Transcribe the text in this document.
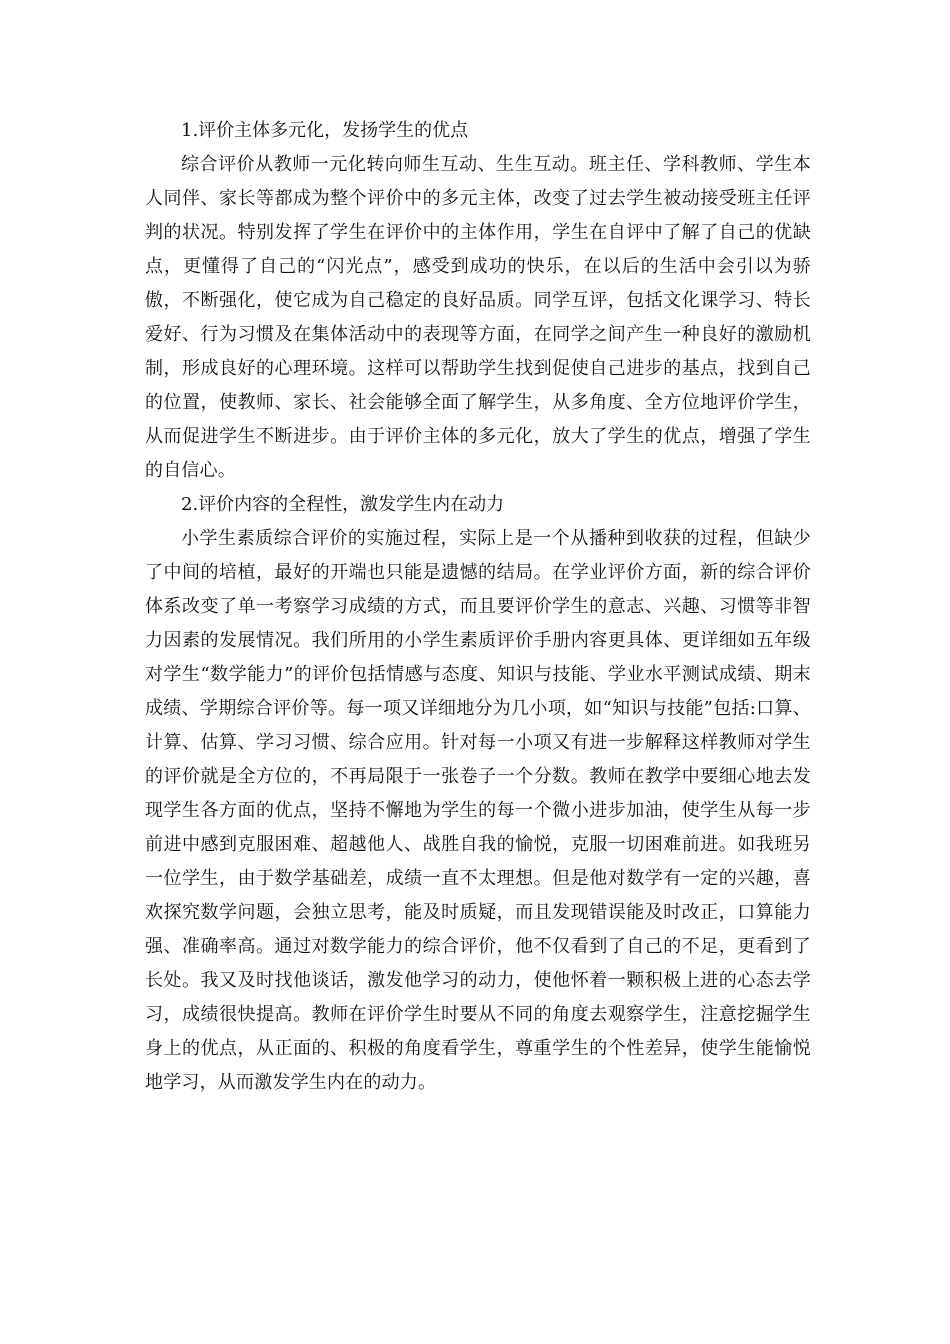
1.评价主体多元化，发扬学生的优点

综合评价从教师一元化转向师生互动、生生互动。班主任、学科教师、学生本人同伴、家长等都成为整个评价中的多元主体，改变了过去学生被动接受班主任评判的状况。特别发挥了学生在评价中的主体作用，学生在自评中了解了自己的优缺点，更懂得了自己的“闪光点”，感受到成功的快乐，在以后的生活中会引以为骄傲，不断强化，使它成为自己稳定的良好品质。同学互评，包括文化课学习、特长爱好、行为习惯及在集体活动中的表现等方面，在同学之间产生一种良好的激励机制，形成良好的心理环境。这样可以帮助学生找到促使自己进步的基点，找到自己的位置，使教师、家长、社会能够全面了解学生，从多角度、全方位地评价学生，从而促进学生不断进步。由于评价主体的多元化，放大了学生的优点，增强了学生的自信心。

2.评价内容的全程性，激发学生内在动力

小学生素质综合评价的实施过程，实际上是一个从播种到收获的过程，但缺少了中间的培植，最好的开端也只能是遗憾的结局。在学业评价方面，新的综合评价体系改变了单一考察学习成绩的方式，而且要评价学生的意志、兴趣、习惯等非智力因素的发展情况。我们所用的小学生素质评价手册内容更具体、更详细如五年级对学生“数学能力”的评价包括情感与态度、知识与技能、学业水平测试成绩、期末成绩、学期综合评价等。每一项又详细地分为几小项，如“知识与技能”包括:口算、计算、估算、学习习惯、综合应用。针对每一小项又有进一步解释这样教师对学生的评价就是全方位的，不再局限于一张卷子一个分数。教师在教学中要细心地去发现学生各方面的优点，坚持不懈地为学生的每一个微小进步加油，使学生从每一步前进中感到克服困难、超越他人、战胜自我的愉悦，克服一切困难前进。如我班另一位学生，由于数学基础差，成绩一直不太理想。但是他对数学有一定的兴趣，喜欢探究数学问题，会独立思考，能及时质疑，而且发现错误能及时改正，口算能力强、准确率高。通过对数学能力的综合评价，他不仅看到了自己的不足，更看到了长处。我又及时找他谈话，激发他学习的动力，使他怀着一颗积极上进的心态去学习，成绩很快提高。教师在评价学生时要从不同的角度去观察学生，注意挖掘学生身上的优点，从正面的、积极的角度看学生，尊重学生的个性差异，使学生能愉悦地学习，从而激发学生内在的动力。
